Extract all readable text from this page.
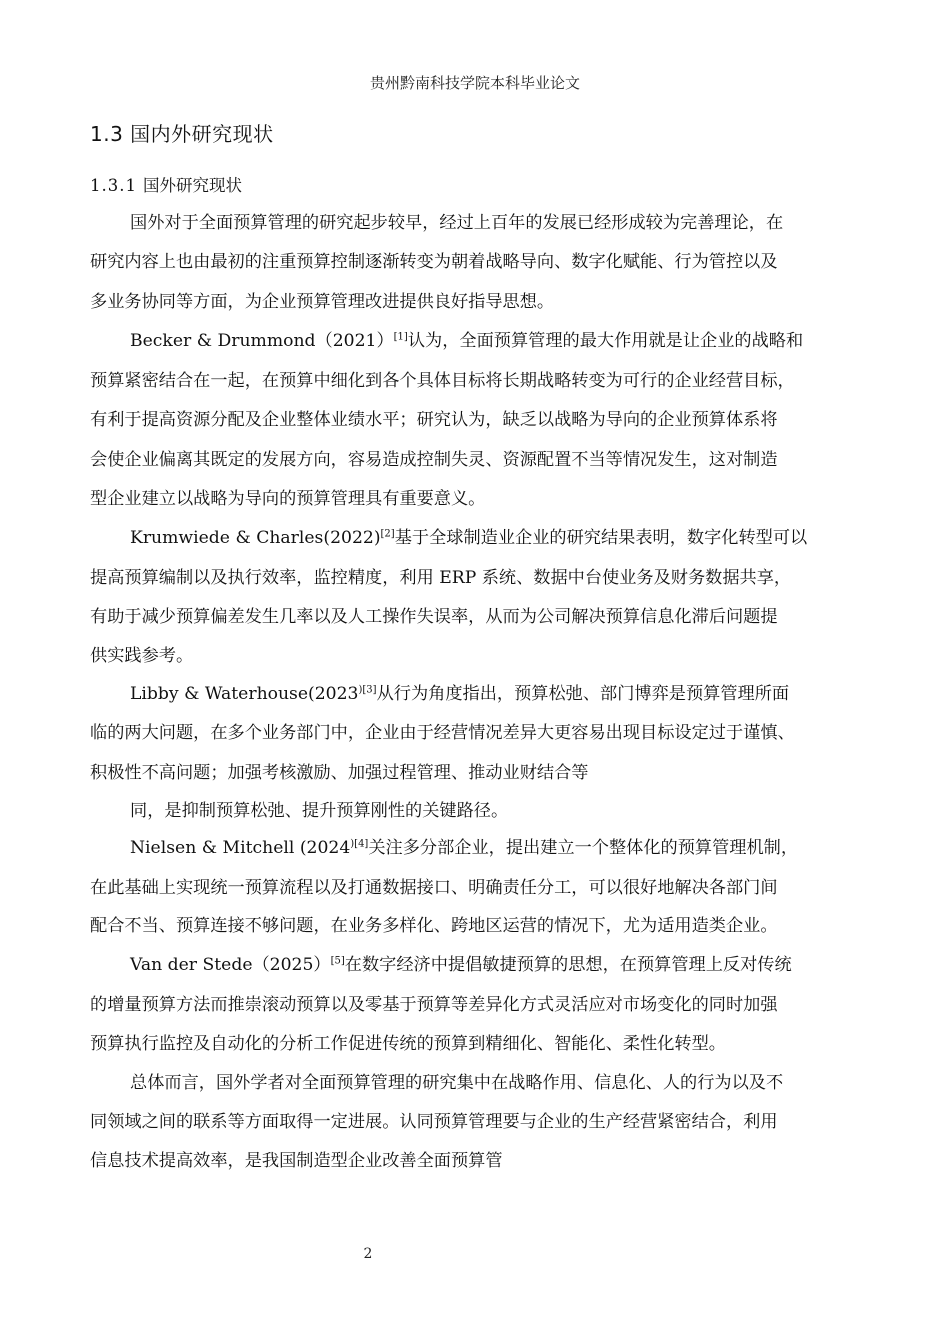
贵州黔南科技学院本科毕业论文
1.3 国内外研究现状
1.3.1 国外研究现状
国外对于全面预算管理的研究起步较早，经过上百年的发展已经形成较为完善理论，在
研究内容上也由最初的注重预算控制逐渐转变为朝着战略导向、数字化赋能、行为管控以及
多业务协同等方面，为企业预算管理改进提供良好指导思想。
Becker & Drummond（2021）[1]认为，全面预算管理的最大作用就是让企业的战略和
预算紧密结合在一起，在预算中细化到各个具体目标将长期战略转变为可行的企业经营目标，
有利于提高资源分配及企业整体业绩水平；研究认为，缺乏以战略为导向的企业预算体系将
会使企业偏离其既定的发展方向，容易造成控制失灵、资源配置不当等情况发生，这对制造
型企业建立以战略为导向的预算管理具有重要意义。
Krumwiede & Charles(2022)[2]基于全球制造业企业的研究结果表明，数字化转型可以
提高预算编制以及执行效率，监控精度，利用 ERP 系统、数据中台使业务及财务数据共享，
有助于减少预算偏差发生几率以及人工操作失误率，从而为公司解决预算信息化滞后问题提
供实践参考。
Libby & $Waterhouse(2023^{)[3]}$从行为角度指出，预算松弛、部门博弈是预算管理所面
临的两大问题，在多个业务部门中，企业由于经营情况差异大更容易出现目标设定过于谨慎、
积极性不高问题；加强考核激励、加强过程管理、推动业财结合等
同，是抑制预算松弛、提升预算刚性的关键路径。
Nielsen & Mitchell ($2024^{)[4]}$关注多分部企业，提出建立一个整体化的预算管理机制，
在此基础上实现统一预算流程以及打通数据接口、明确责任分工，可以很好地解决各部门间
配合不当、预算连接不够问题，在业务多样化、跨地区运营的情况下，尤为适用造类企业。
Van der Stede（2025）[5]在数字经济中提倡敏捷预算的思想，在预算管理上反对传统
的增量预算方法而推崇滚动预算以及零基于预算等差异化方式灵活应对市场变化的同时加强
预算执行监控及自动化的分析工作促进传统的预算到精细化、智能化、柔性化转型。
总体而言，国外学者对全面预算管理的研究集中在战略作用、信息化、人的行为以及不
同领域之间的联系等方面取得一定进展。认同预算管理要与企业的生产经营紧密结合，利用
信息技术提高效率，是我国制造型企业改善全面预算管
2
